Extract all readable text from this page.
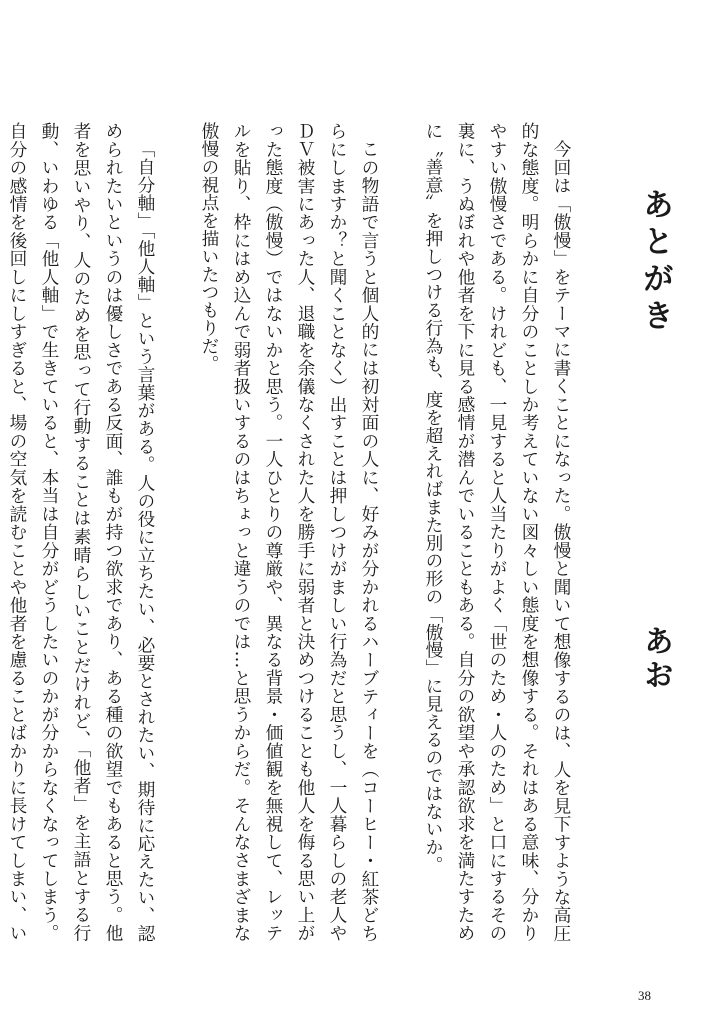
あとがき
あお

今回は「傲慢」をテーマに書くことになった。傲慢と聞いて想像するのは、人を見下すような高圧的な態度。明らかに自分のことしか考えていない図々しい態度を想像する。それはある意味、分かりやすい傲慢さである。けれども、一見すると人当たりがよく「世のため・人のため」と口にするその裏に、うぬぼれや他者を下に見る感情が潜んでいることもある。自分の欲望や承認欲求を満たすために〝善意〟を押しつける行為も、度を超えればまた別の形の「傲慢」に見えるのではないか。

この物語で言うと個人的には初対面の人に、好みが分かれるハーブティーを（コーヒー・紅茶どちらにしますか？と聞くことなく）出すことは押しつけがましい行為だと思うし、一人暮らしの老人やＤＶ被害にあった人、退職を余儀なくされた人を勝手に弱者と決めつけることも他人を侮る思い上がった態度（傲慢）ではないかと思う。一人ひとりの尊厳や、異なる背景・価値観を無視して、レッテルを貼り、枠にはめ込んで弱者扱いするのはちょっと違うのでは…と思うからだ。そんなさまざまな傲慢の視点を描いたつもりだ。

「自分軸」「他人軸」という言葉がある。人の役に立ちたい、必要とされたい、期待に応えたい、認められたいというのは優しさである反面、誰もが持つ欲求であり、ある種の欲望でもあると思う。他者を思いやり、人のためを思って行動することは素晴らしいことだけれど、「他者」を主語とする行動、いわゆる「他人軸」で生きていると、本当は自分がどうしたいのかが分からなくなってしまう。自分の感情を後回しにしすぎると、場の空気を読むことや他者を慮ることばかりに長けてしまい、い

38
